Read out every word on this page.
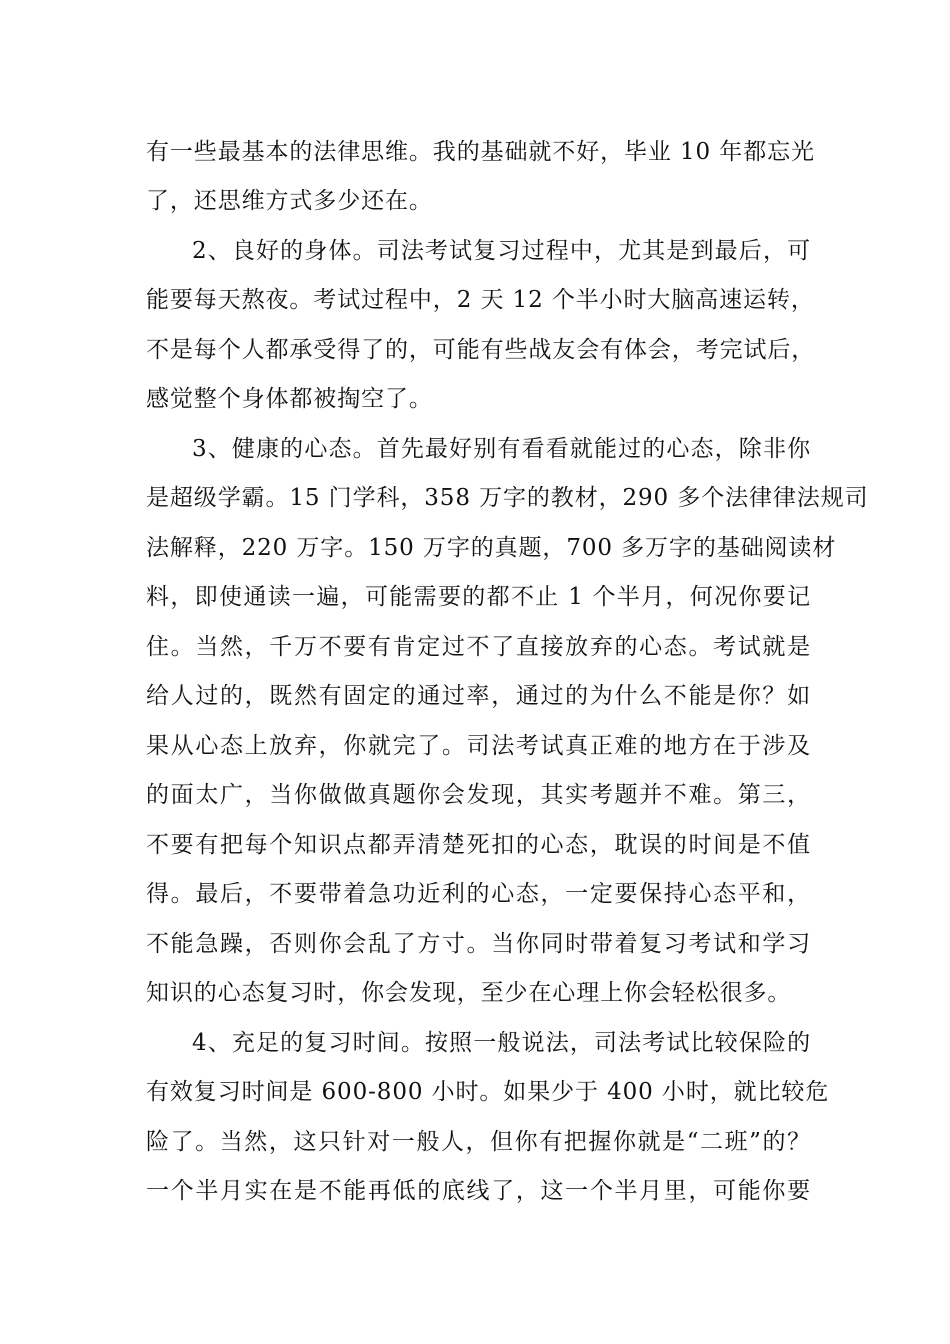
有一些最基本的法律思维。我的基础就不好，毕业 10 年都忘光
了，还思维方式多少还在。
2、良好的身体。司法考试复习过程中，尤其是到最后，可
能要每天熬夜。考试过程中，2 天 12 个半小时大脑高速运转，
不是每个人都承受得了的，可能有些战友会有体会，考完试后，
感觉整个身体都被掏空了。
3、健康的心态。首先最好别有看看就能过的心态，除非你
是超级学霸。15 门学科，358 万字的教材，290 多个法律律法规司
法解释，220 万字。150 万字的真题，700 多万字的基础阅读材
料，即使通读一遍，可能需要的都不止 1 个半月，何况你要记
住。当然，千万不要有肯定过不了直接放弃的心态。考试就是
给人过的，既然有固定的通过率，通过的为什么不能是你？如
果从心态上放弃，你就完了。司法考试真正难的地方在于涉及
的面太广，当你做做真题你会发现，其实考题并不难。第三，
不要有把每个知识点都弄清楚死扣的心态，耽误的时间是不值
得。最后，不要带着急功近利的心态，一定要保持心态平和，
不能急躁，否则你会乱了方寸。当你同时带着复习考试和学习
知识的心态复习时，你会发现，至少在心理上你会轻松很多。
4、充足的复习时间。按照一般说法，司法考试比较保险的
有效复习时间是 600-800 小时。如果少于 400 小时，就比较危
险了。当然，这只针对一般人，但你有把握你就是“二班”的？
一个半月实在是不能再低的底线了，这一个半月里，可能你要
